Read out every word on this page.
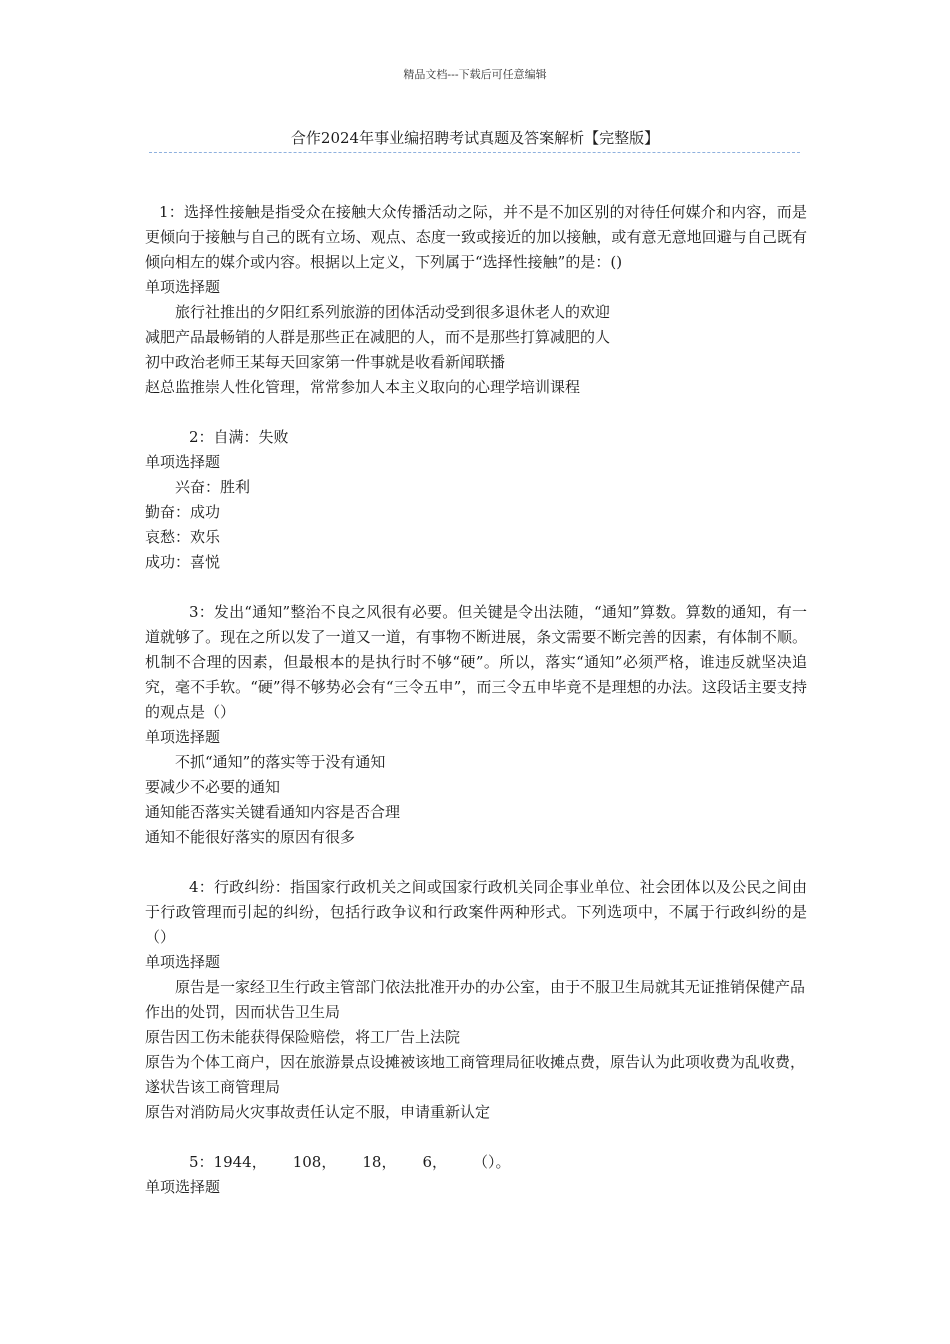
精品文档---下载后可任意编辑
合作2024年事业编招聘考试真题及答案解析【完整版】
1：选择性接触是指受众在接触大众传播活动之际，并不是不加区别的对待任何媒介和内容，而是更倾向于接触与自己的既有立场、观点、态度一致或接近的加以接触，或有意无意地回避与自己既有倾向相左的媒介或内容。根据以上定义，下列属于“选择性接触”的是：()
单项选择题
旅行社推出的夕阳红系列旅游的团体活动受到很多退休老人的欢迎
减肥产品最畅销的人群是那些正在减肥的人，而不是那些打算减肥的人
初中政治老师王某每天回家第一件事就是收看新闻联播
赵总监推崇人性化管理，常常参加人本主义取向的心理学培训课程
2：自满：失败
单项选择题
兴奋：胜利
勤奋：成功
哀愁：欢乐
成功：喜悦
3：发出“通知”整治不良之风很有必要。但关键是令出法随，“通知”算数。算数的通知，有一道就够了。现在之所以发了一道又一道，有事物不断进展，条文需要不断完善的因素，有体制不顺。机制不合理的因素，但最根本的是执行时不够“硬”。所以，落实“通知”必须严格，谁违反就坚决追究，毫不手软。“硬”得不够势必会有“三令五申”，而三令五申毕竟不是理想的办法。这段话主要支持的观点是（）
单项选择题
不抓“通知”的落实等于没有通知
要减少不必要的通知
通知能否落实关键看通知内容是否合理
通知不能很好落实的原因有很多
4：行政纠纷：指国家行政机关之间或国家行政机关同企事业单位、社会团体以及公民之间由于行政管理而引起的纠纷，包括行政争议和行政案件两种形式。下列选项中，不属于行政纠纷的是（）
单项选择题
原告是一家经卫生行政主管部门依法批准开办的办公室，由于不服卫生局就其无证推销保健产品作出的处罚，因而状告卫生局
原告因工伤未能获得保险赔偿，将工厂告上法院
原告为个体工商户，因在旅游景点设摊被该地工商管理局征收摊点费，原告认为此项收费为乱收费，遂状告该工商管理局
原告对消防局火灾事故责任认定不服，申请重新认定
5：1944， 108， 18， 6， （）。
单项选择题
